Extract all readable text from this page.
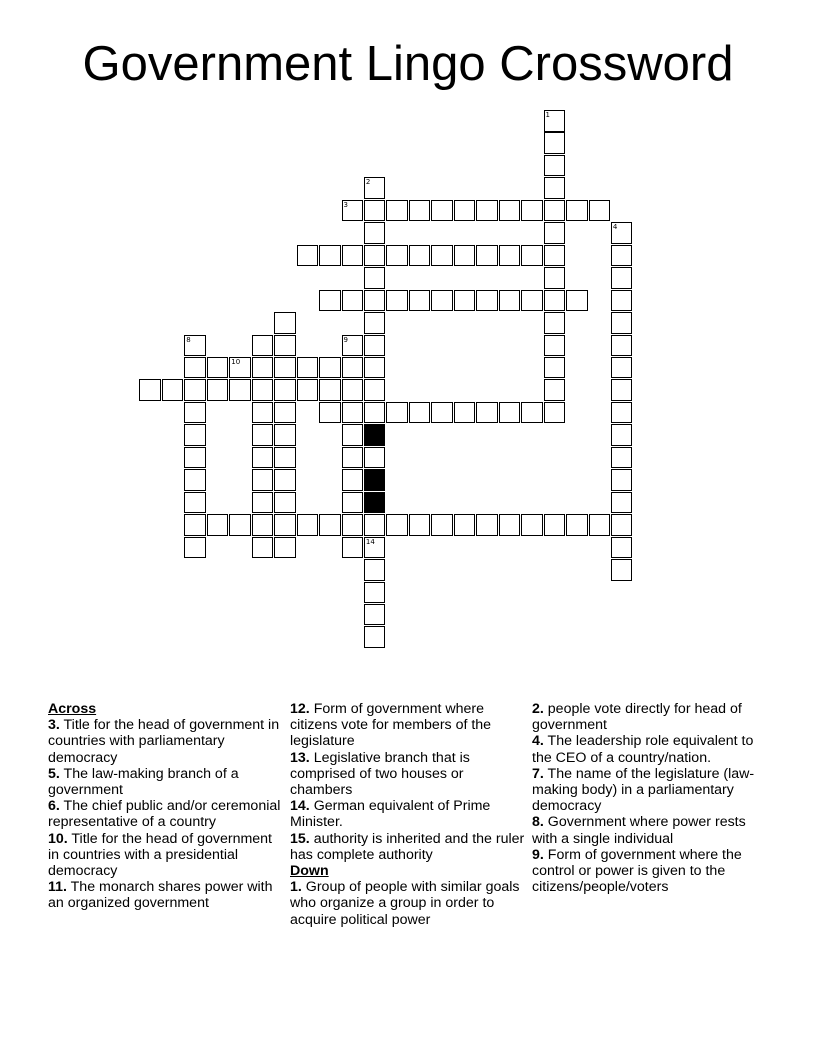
Government Lingo Crossword
1
2
14
3
4
8	9
10
Across
3. Title for the head of government in countries with parliamentary democracy
5. The law-making branch of a government
6. The chief public and/or ceremonial representative of a country
10. Title for the head of government in countries with a presidential democracy
11. The monarch shares power with an organized government
12. Form of government where citizens vote for members of the legislature
13. Legislative branch that is comprised of two houses or chambers
14. German equivalent of Prime Minister.
15. authority is inherited and the ruler has complete authority
Down
1. Group of people with similar goals who organize a group in order to acquire political power
2. people vote directly for head of government
4. The leadership role equivalent to the CEO of a country/nation.
7. The name of the legislature (law-making body) in a parliamentary democracy
8. Government where power rests with a single individual
9. Form of government where the control or power is given to the citizens/people/voters
